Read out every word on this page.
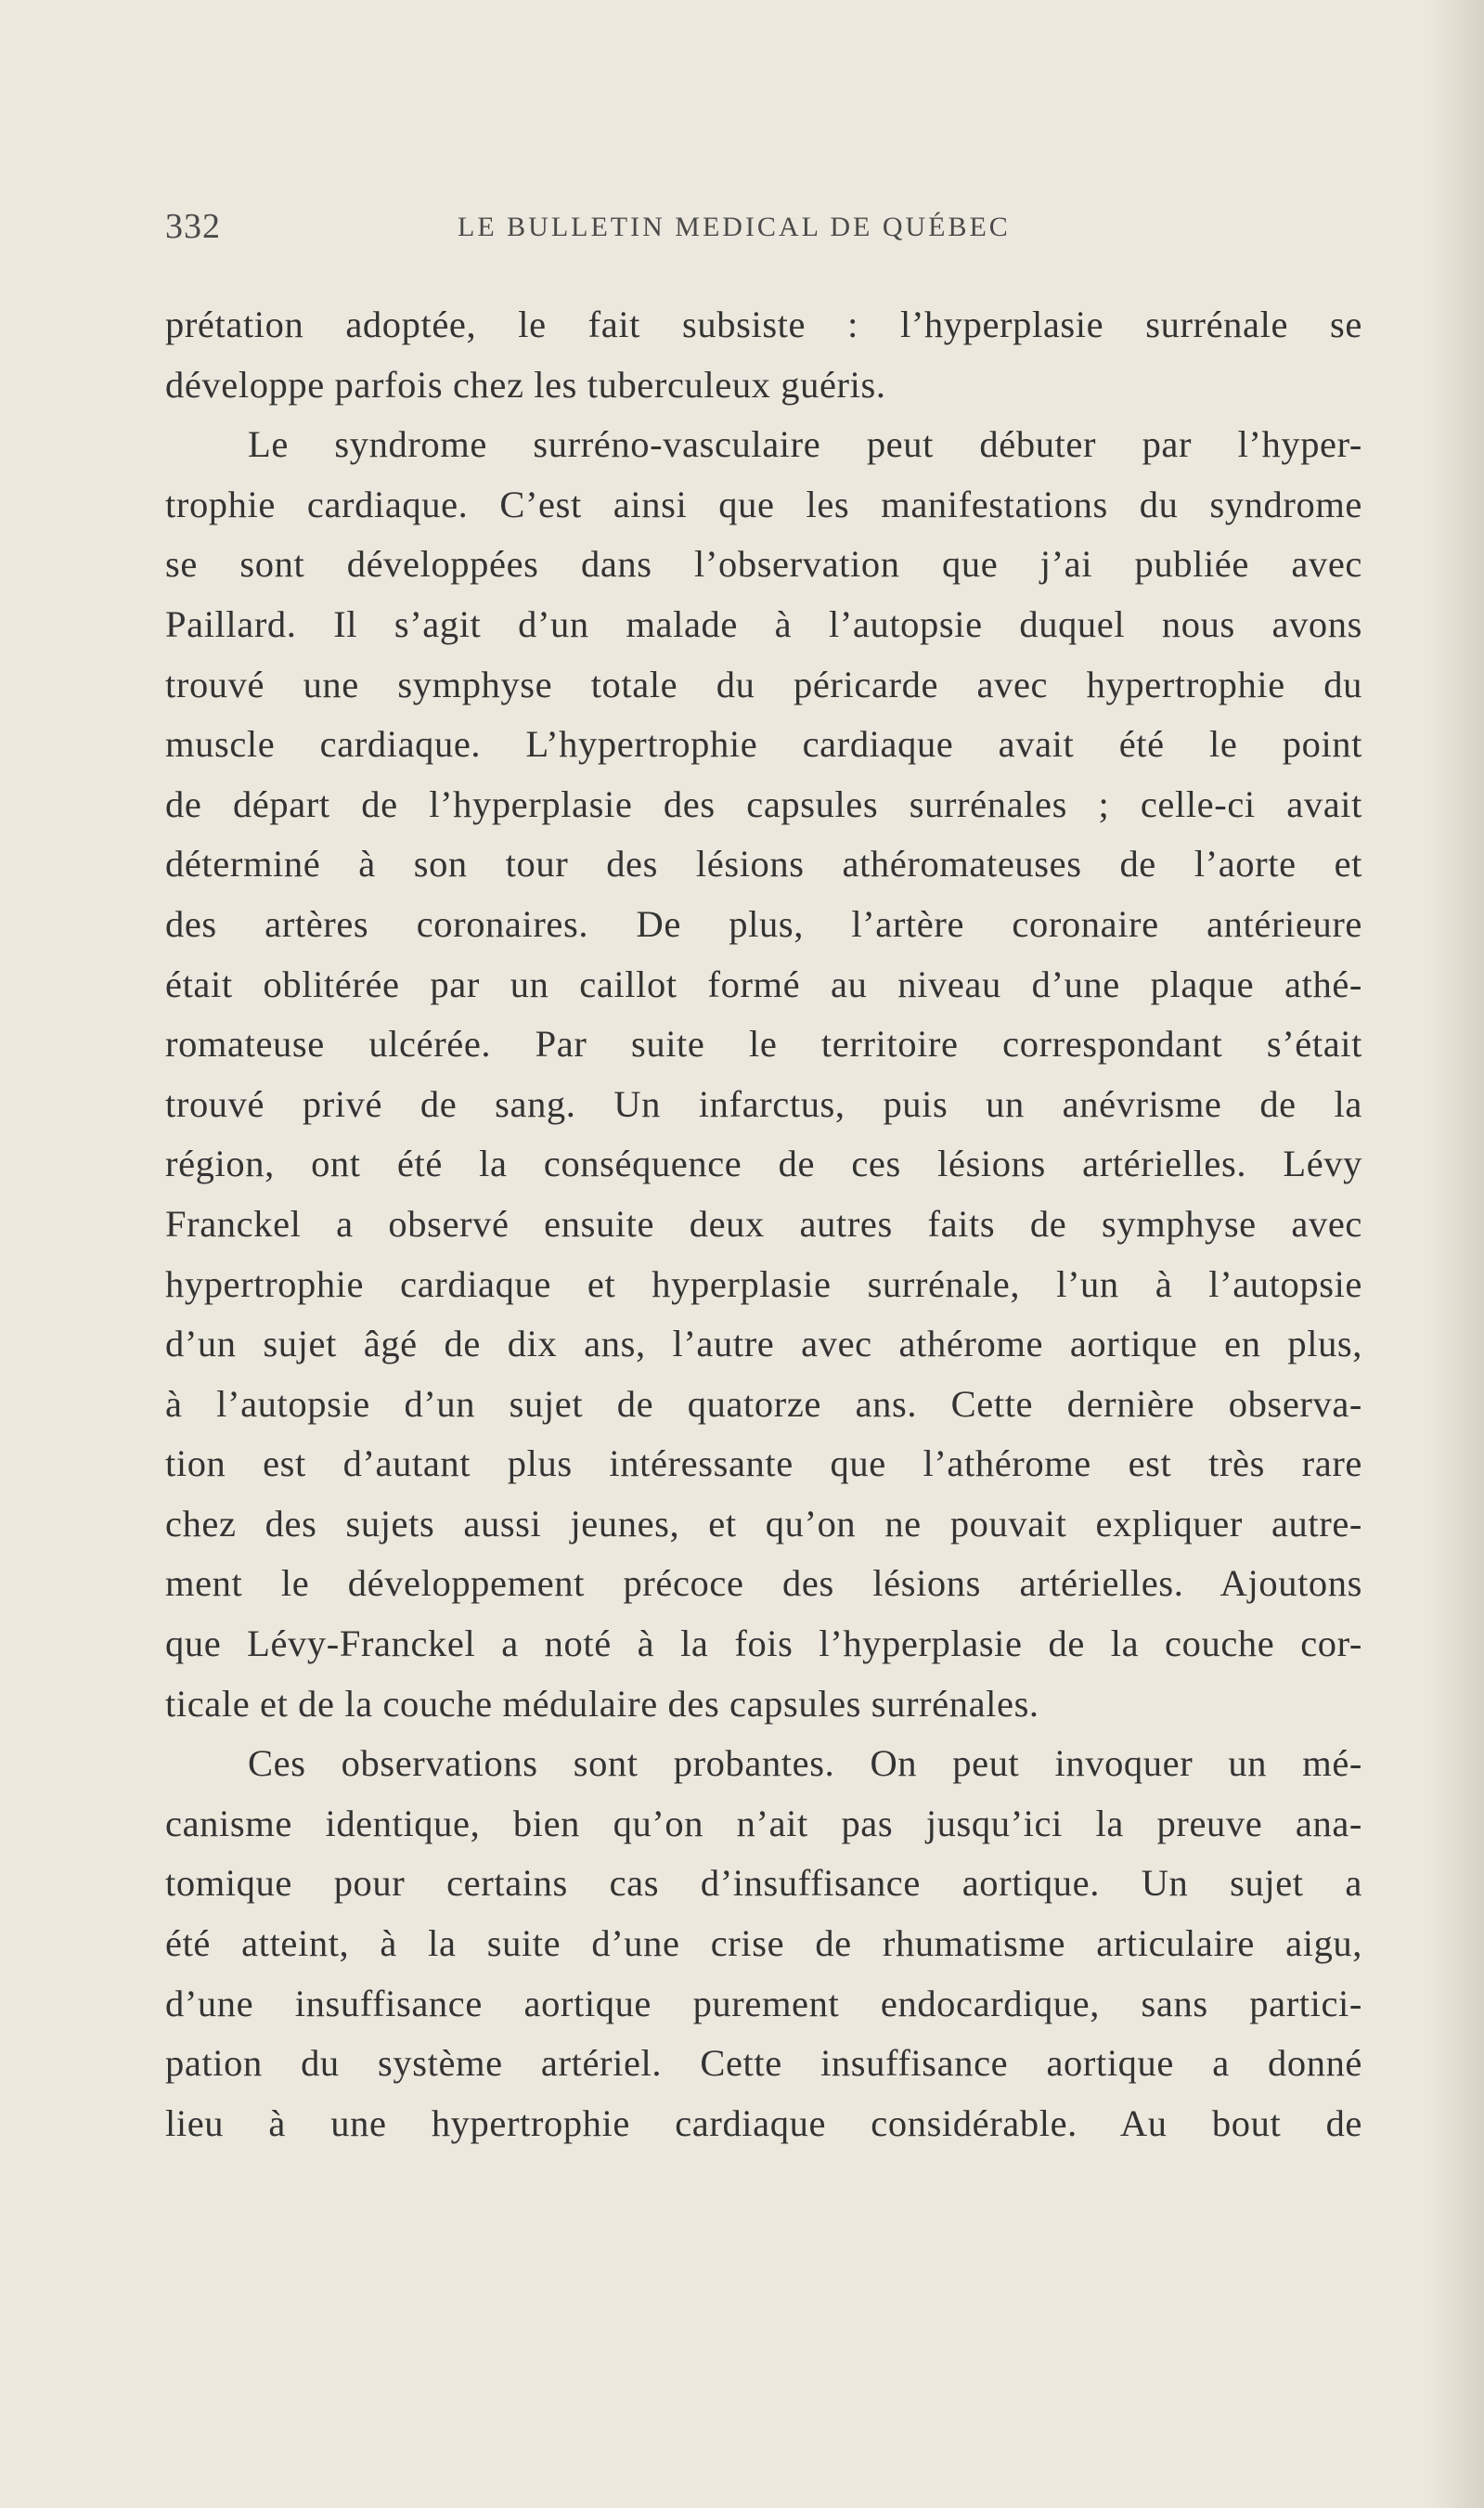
332	LE BULLETIN MEDICAL DE QUÉBEC
prétation adoptée, le fait subsiste : l’hyperplasie surrénale se
développe parfois chez les tuberculeux guéris.
Le syndrome surréno-vasculaire peut débuter par l’hyper-
trophie cardiaque. C’est ainsi que les manifestations du syndrome
se sont développées dans l’observation que j’ai publiée avec
Paillard. Il s’agit d’un malade à l’autopsie duquel nous avons
trouvé une symphyse totale du péricarde avec hypertrophie du
muscle cardiaque. L’hypertrophie cardiaque avait été le point
de départ de l’hyperplasie des capsules surrénales ; celle-ci avait
déterminé à son tour des lésions athéromateuses de l’aorte et
des artères coronaires. De plus, l’artère coronaire antérieure
était oblitérée par un caillot formé au niveau d’une plaque athé-
romateuse ulcérée. Par suite le territoire correspondant s’était
trouvé privé de sang. Un infarctus, puis un anévrisme de la
région, ont été la conséquence de ces lésions artérielles. Lévy
Franckel a observé ensuite deux autres faits de symphyse avec
hypertrophie cardiaque et hyperplasie surrénale, l’un à l’autopsie
d’un sujet âgé de dix ans, l’autre avec athérome aortique en plus,
à l’autopsie d’un sujet de quatorze ans. Cette dernière observa-
tion est d’autant plus intéressante que l’athérome est très rare
chez des sujets aussi jeunes, et qu’on ne pouvait expliquer autre-
ment le développement précoce des lésions artérielles. Ajoutons
que Lévy-Franckel a noté à la fois l’hyperplasie de la couche cor-
ticale et de la couche médulaire des capsules surrénales.
Ces observations sont probantes. On peut invoquer un mé-
canisme identique, bien qu’on n’ait pas jusqu’ici la preuve ana-
tomique pour certains cas d’insuffisance aortique. Un sujet a
été atteint, à la suite d’une crise de rhumatisme articulaire aigu,
d’une insuffisance aortique purement endocardique, sans partici-
pation du système artériel. Cette insuffisance aortique a donné
lieu à une hypertrophie cardiaque considérable. Au bout de
